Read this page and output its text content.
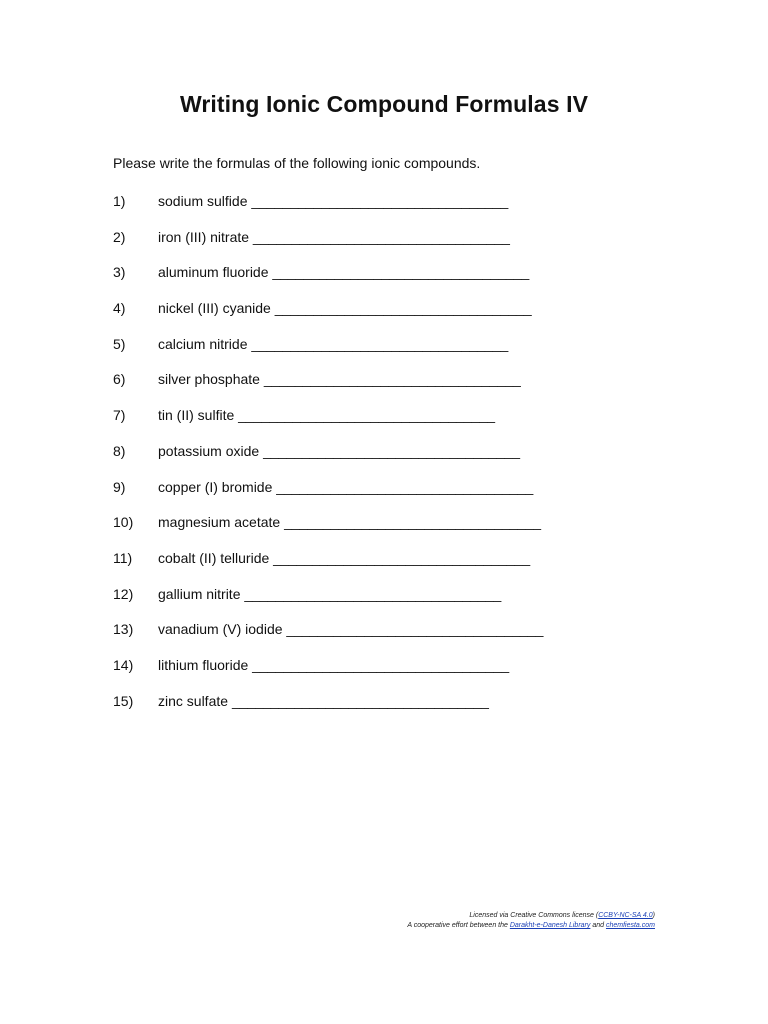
Writing Ionic Compound Formulas IV
Please write the formulas of the following ionic compounds.
1) sodium sulfide _________________________________
2) iron (III) nitrate _________________________________
3) aluminum fluoride _________________________________
4) nickel (III) cyanide _________________________________
5) calcium nitride _________________________________
6) silver phosphate _________________________________
7) tin (II) sulfite _________________________________
8) potassium oxide _________________________________
9) copper (I) bromide _________________________________
10) magnesium acetate _________________________________
11) cobalt (II) telluride _________________________________
12) gallium nitrite _________________________________
13) vanadium (V) iodide _________________________________
14) lithium fluoride _________________________________
15) zinc sulfate _________________________________
Licensed via Creative Commons license (CCBY-NC-SA 4.0)
A cooperative effort between the Darakht-e-Danesh Library and chemfiesta.com
